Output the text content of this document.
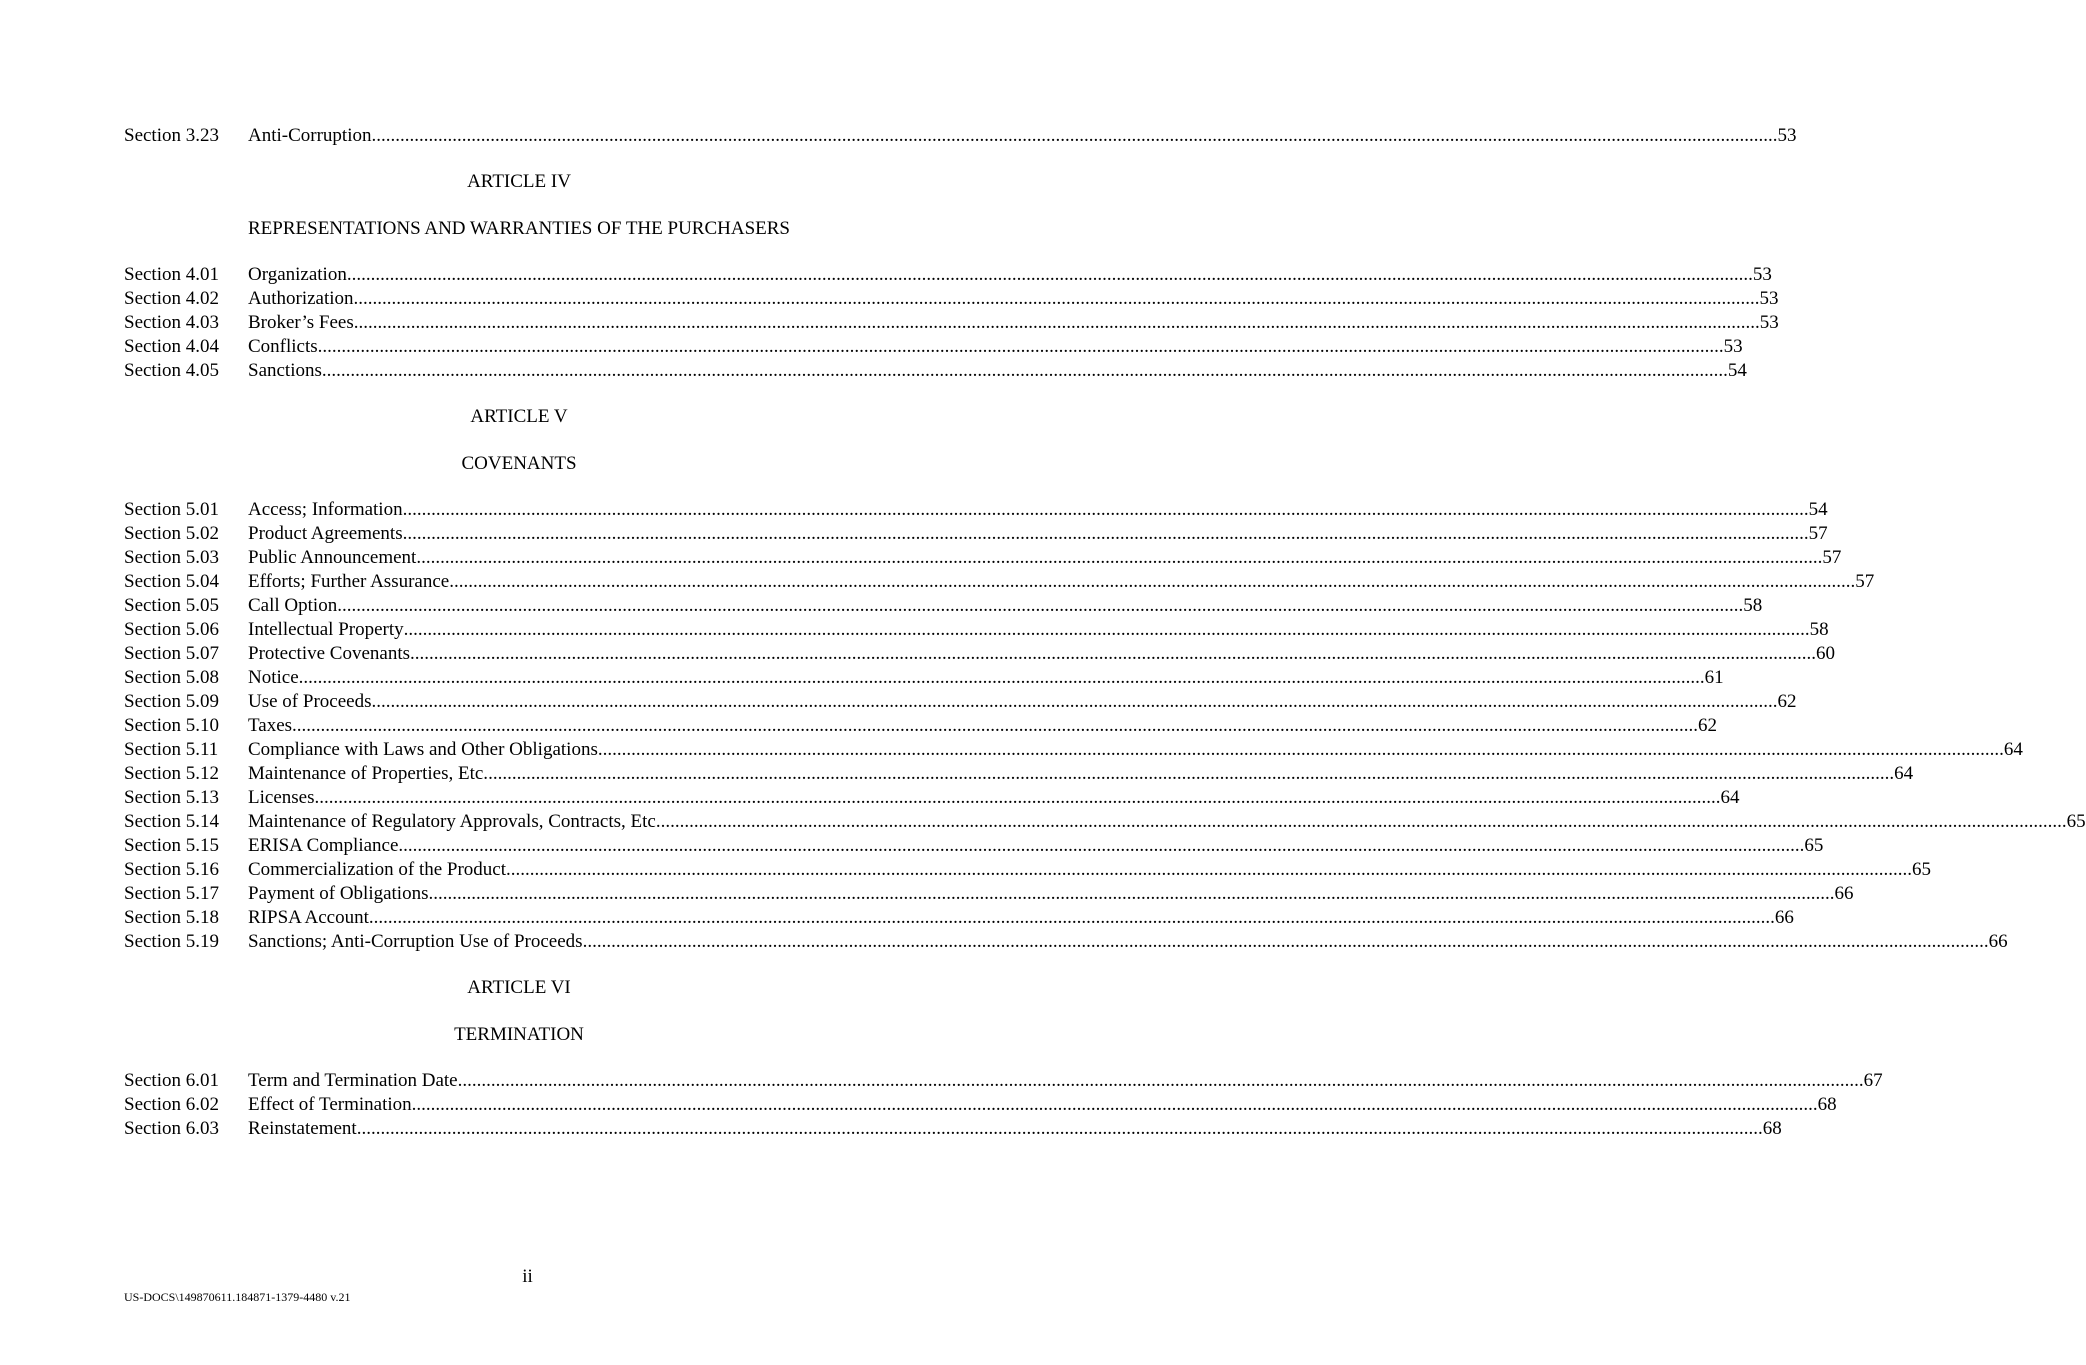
Section 3.23	Anti-Corruption .....	53
ARTICLE IV
REPRESENTATIONS AND WARRANTIES OF THE PURCHASERS
Section 4.01	Organization .....	53
Section 4.02	Authorization .....	53
Section 4.03	Broker’s Fees .....	53
Section 4.04	Conflicts .....	53
Section 4.05	Sanctions .....	54
ARTICLE V
COVENANTS
Section 5.01	Access; Information .....	54
Section 5.02	Product Agreements .....	57
Section 5.03	Public Announcement .....	57
Section 5.04	Efforts; Further Assurance .....	57
Section 5.05	Call Option .....	58
Section 5.06	Intellectual Property .....	58
Section 5.07	Protective Covenants .....	60
Section 5.08	Notice .....	61
Section 5.09	Use of Proceeds .....	62
Section 5.10	Taxes .....	62
Section 5.11	Compliance with Laws and Other Obligations .....	64
Section 5.12	Maintenance of Properties, Etc. .....	64
Section 5.13	Licenses .....	64
Section 5.14	Maintenance of Regulatory Approvals, Contracts, Etc. .....	65
Section 5.15	ERISA Compliance .....	65
Section 5.16	Commercialization of the Product .....	65
Section 5.17	Payment of Obligations .....	66
Section 5.18	RIPSA Account .....	66
Section 5.19	Sanctions; Anti-Corruption Use of Proceeds .....	66
ARTICLE VI
TERMINATION
Section 6.01	Term and Termination Date .....	67
Section 6.02	Effect of Termination .....	68
Section 6.03	Reinstatement .....	68
ii
US-DOCS\149870611.184871-1379-4480 v.21
